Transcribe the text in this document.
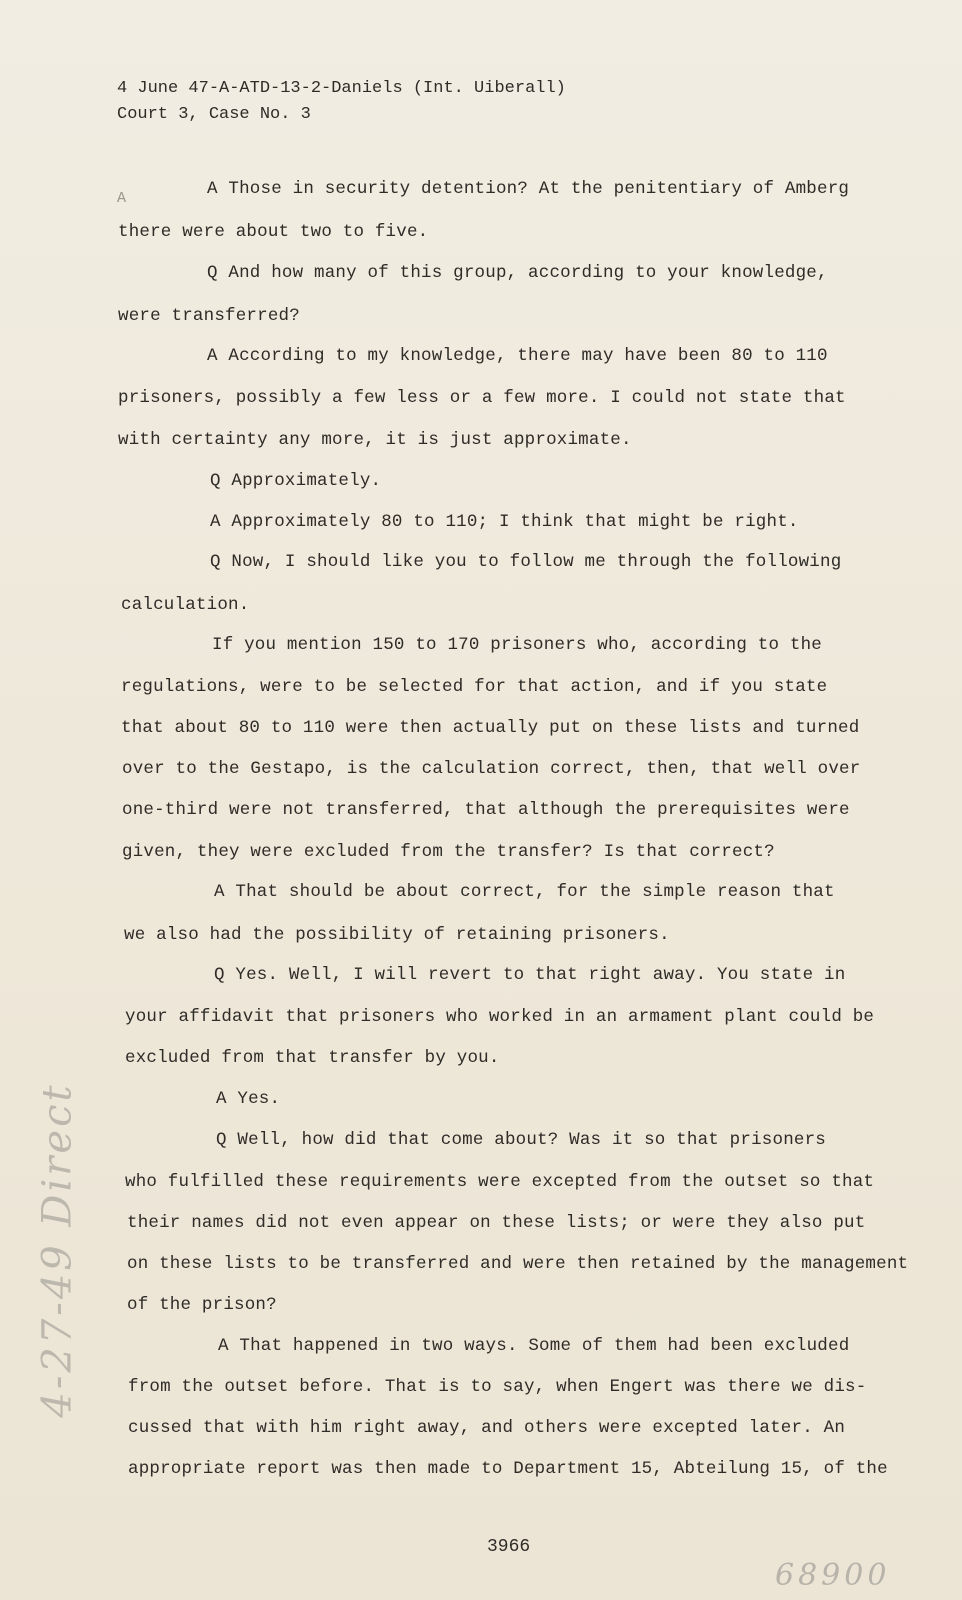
4 June 47-A-ATD-13-2-Daniels (Int. Uiberall)
Court 3, Case No. 3
A	A Those in security detention? At the penitentiary of Amberg
there were about two to five.
Q And how many of this group, according to your knowledge,
were transferred?
A According to my knowledge, there may have been 80 to 110
prisoners, possibly a few less or a few more. I could not state that
with certainty any more, it is just approximate.
Q Approximately.
A Approximately 80 to 110; I think that might be right.
Q Now, I should like you to follow me through the following
calculation.
If you mention 150 to 170 prisoners who, according to the
regulations, were to be selected for that action, and if you state
that about 80 to 110 were then actually put on these lists and turned
over to the Gestapo, is the calculation correct, then, that well over
one-third were not transferred, that although the prerequisites were
given, they were excluded from the transfer? Is that correct?
A That should be about correct, for the simple reason that
we also had the possibility of retaining prisoners.
Q Yes. Well, I will revert to that right away. You state in
your affidavit that prisoners who worked in an armament plant could be
excluded from that transfer by you.
A Yes.
Q Well, how did that come about? Was it so that prisoners
who fulfilled these requirements were excepted from the outset so that
their names did not even appear on these lists; or were they also put
on these lists to be transferred and were then retained by the management
of the prison?
A That happened in two ways. Some of them had been excluded
from the outset before. That is to say, when Engert was there we dis-
cussed that with him right away, and others were excepted later. An
appropriate report was then made to Department 15, Abteilung 15, of the
4-27-49 Direct
3966
68900
